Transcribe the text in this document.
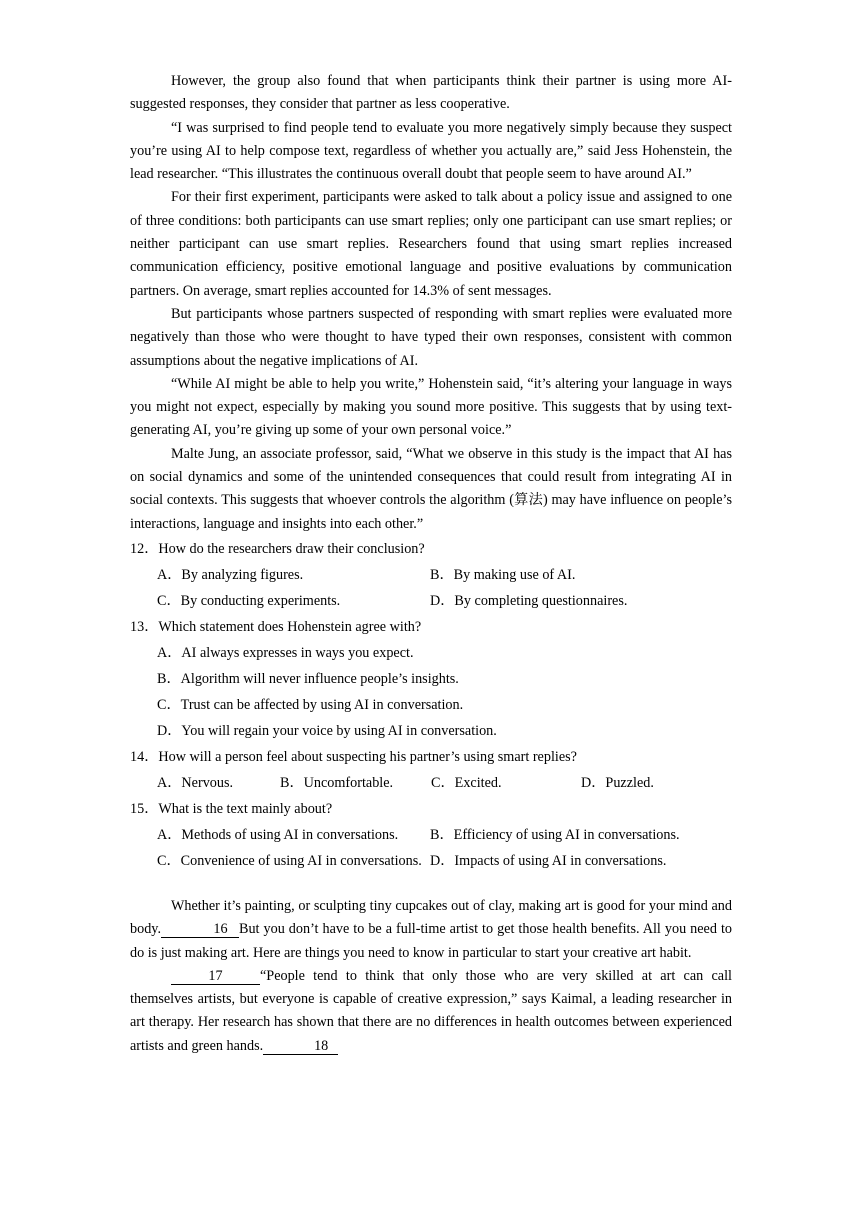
However, the group also found that when participants think their partner is using more AI-suggested responses, they consider that partner as less cooperative.

“I was surprised to find people tend to evaluate you more negatively simply because they suspect you’re using AI to help compose text, regardless of whether you actually are,” said Jess Hohenstein, the lead researcher. “This illustrates the continuous overall doubt that people seem to have around AI.”

For their first experiment, participants were asked to talk about a policy issue and assigned to one of three conditions: both participants can use smart replies; only one participant can use smart replies; or neither participant can use smart replies. Researchers found that using smart replies increased communication efficiency, positive emotional language and positive evaluations by communication partners. On average, smart replies accounted for 14.3% of sent messages.

But participants whose partners suspected of responding with smart replies were evaluated more negatively than those who were thought to have typed their own responses, consistent with common assumptions about the negative implications of AI.

“While AI might be able to help you write,” Hohenstein said, “it’s altering your language in ways you might not expect, especially by making you sound more positive. This suggests that by using text-generating AI, you’re giving up some of your own personal voice.”

Malte Jung, an associate professor, said, “What we observe in this study is the impact that AI has on social dynamics and some of the unintended consequences that could result from integrating AI in social contexts. This suggests that whoever controls the algorithm (算法) may have influence on people’s interactions, language and insights into each other.”

12．How do the researchers draw their conclusion?

A．By analyzing figures.	B．By making use of AI.
C．By conducting experiments.	D．By completing questionnaires.

13．Which statement does Hohenstein agree with?

A．AI always expresses in ways you expect.
B．Algorithm will never influence people’s insights.
C．Trust can be affected by using AI in conversation.
D．You will regain your voice by using AI in conversation.

14．How will a person feel about suspecting his partner’s using smart replies?

A．Nervous.	B．Uncomfortable.	C．Excited.	D．Puzzled.

15．What is the text mainly about?

A．Methods of using AI in conversations.	B．Efficiency of using AI in conversations.
C．Convenience of using AI in conversations. D．Impacts of using AI in conversations.

Whether it’s painting, or sculpting tiny cupcakes out of clay, making art is good for your mind and body.	16 But you don’t have to be a full-time artist to get those health benefits. All you need to do is just making art. Here are things you need to know in particular to start your creative art habit.

17	“People tend to think that only those who are very skilled at art can call themselves artists, but everyone is capable of creative expression,” says Kaimal, a leading researcher in art therapy. Her research has shown that there are no differences in health outcomes between experienced artists and green hands.	18
